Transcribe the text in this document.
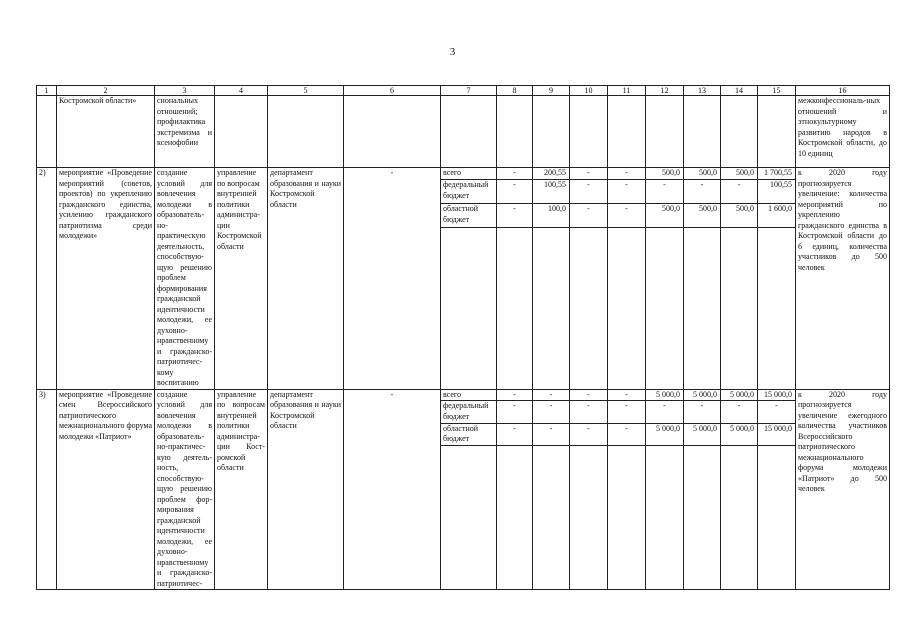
3
1	2	3	4	5	6	7	8	9	10	11	12	13	14	15	16
	Костромской области»	сиональных отношений; профилактика экстремизма и ксенофобии													межконфессиональ-ных отношений и этнокультурному развитию народов в Костромской области, до 10 единиц
2)	мероприятие «Проведение мероприятий (советов, проектов) по укреплению гражданского единства, усилению гражданского патриотизма среди молодежи»	создание условий для вовлечения молодежи в образователь-но-практическую деятельность, способствую-щую решению проблем формирования гражданской идентичности молодежи, ее духовно-нравственному и гражданско-патриотичес-кому воспитанию	управление по вопросам внутренней политики администра-ции Костромской области	департамент образования и науки Костромской области	-	всего	-	200,55	-	-	500,0	500,0	500,0	1 700,55	к 2020 году прогнозируется увеличение: количества мероприятий по укреплению гражданского единства в Костромской области до 6 единиц, количества участников до 500 человек
						федеральный бюджет	-	100,55	-	-	-	-	-	100,55	
						областной бюджет	-	100,0	-	-	500,0	500,0	500,0	1 600,0	

3)	мероприятие «Проведение смен Всероссийского патриотического межнационального форума молодежи «Патриот»	создание условий для вовлечения молодежи в образователь-но-практичес-кую деятель-ность, способствую-щую решению проблем фор-мирования гражданской идентичности молодежи, ее духовно-нравственному и гражданско-патриотичес-	управление по вопросам внутренней политики администра-ции Кост-ромской области	департамент образования и науки Костромской области	-	всего	-	-	-	-	5 000,0	5 000,0	5 000,0	15 000,0	к 2020 году прогнозируется увеличение ежегодного количества участников Всероссийского патриотического межнационального форума молодежи «Патриот» до 500 человек
						федеральный бюджет	-	-	-	-	-	-	-	-	
						областной бюджет	-	-	-	-	5 000,0	5 000,0	5 000,0	15 000,0	
